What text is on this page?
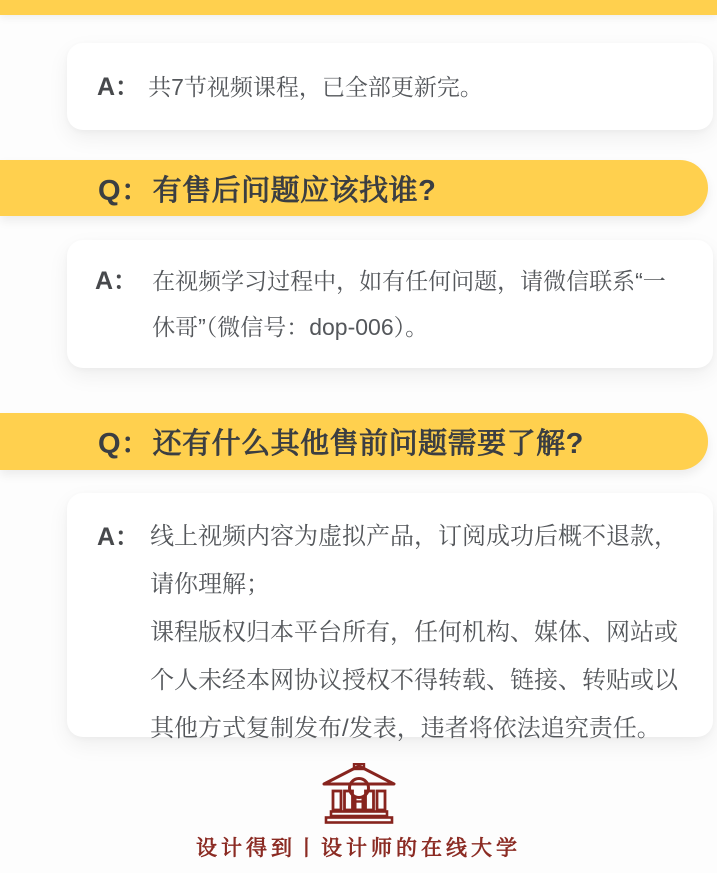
A： 共7节视频课程，已全部更新完。
Q： 有售后问题应该找谁?
A： 在视频学习过程中，如有任何问题，请微信联系“一休哥”（微信号：dop-006）。
Q： 还有什么其他售前问题需要了解?
A： 线上视频内容为虚拟产品，订阅成功后概不退款，请你理解；

课程版权归本平台所有，任何机构、媒体、网站或个人未经本网协议授权不得转载、链接、转贴或以其他方式复制发布/发表，违者将依法追究责任。

设计得到丨设计师的在线大学
